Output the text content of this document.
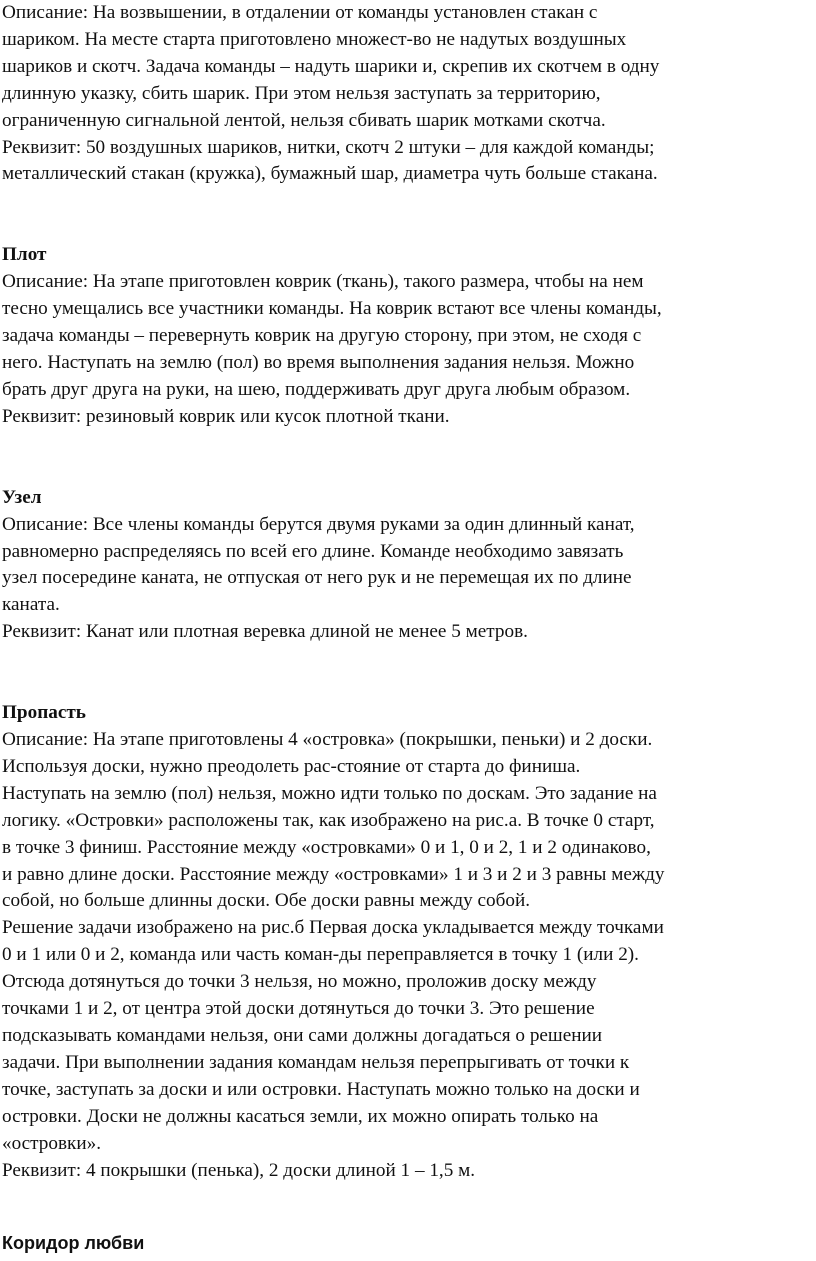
Описание: На возвышении, в отдалении от команды установлен стакан с
шариком. На месте старта приготовлено множест-во не надутых воздушных
шариков и скотч. Задача команды – надуть шарики и, скрепив их скотчем в одну
длинную указку, сбить шарик. При этом нельзя заступать за территорию,
ограниченную сигнальной лентой, нельзя сбивать шарик мотками скотча.
Реквизит: 50 воздушных шариков, нитки, скотч 2 штуки – для каждой команды;
металлический стакан (кружка), бумажный шар, диаметра чуть больше стакана.
Плот
Описание: На этапе приготовлен коврик (ткань), такого размера, чтобы на нем
тесно умещались все участники команды. На коврик встают все члены команды,
задача команды – перевернуть коврик на другую сторону, при этом, не сходя с
него. Наступать на землю (пол) во время выполнения задания нельзя. Можно
брать друг друга на руки, на шею, поддерживать друг друга любым образом.
Реквизит: резиновый коврик или кусок плотной ткани.
Узел
Описание: Все члены команды берутся двумя руками за один длинный канат,
равномерно распределяясь по всей его длине. Команде необходимо завязать
узел посередине каната, не отпуская от него рук и не перемещая их по длине
каната.
Реквизит: Канат или плотная веревка длиной не менее 5 метров.
Пропасть
Описание: На этапе приготовлены 4 «островка» (покрышки, пеньки) и 2 доски.
Используя доски, нужно преодолеть рас-стояние от старта до финиша.
Наступать на землю (пол) нельзя, можно идти только по доскам. Это задание на
логику. «Островки» расположены так, как изображено на рис.а. В точке 0 старт,
в точке 3 финиш. Расстояние между «островками» 0 и 1, 0 и 2, 1 и 2 одинаково,
и равно длине доски. Расстояние между «островками» 1 и 3 и 2 и 3 равны между
собой, но больше длинны доски. Обе доски равны между собой.
Решение задачи изображено на рис.б Первая доска укладывается между точками
0 и 1 или 0 и 2, команда или часть коман-ды переправляется в точку 1 (или 2).
Отсюда дотянуться до точки 3 нельзя, но можно, проложив доску между
точками 1 и 2, от центра этой доски дотянуться до точки 3. Это решение
подсказывать командами нельзя, они сами должны догадаться о решении
задачи. При выполнении задания командам нельзя перепрыгивать от точки к
точке, заступать за доски и или островки. Наступать можно только на доски и
островки. Доски не должны касаться земли, их можно опирать только на
«островки».
Реквизит: 4 покрышки (пенька), 2 доски длиной 1 – 1,5 м.
Коридор любви
